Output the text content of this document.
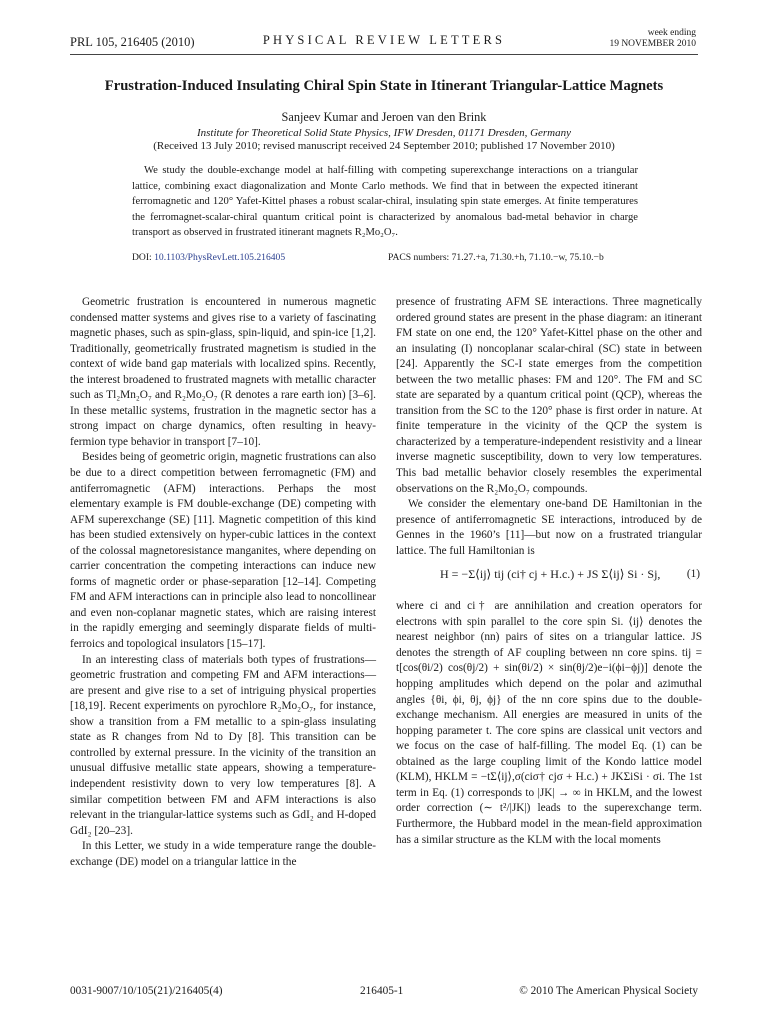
PRL 105, 216405 (2010)	PHYSICAL REVIEW LETTERS	week ending
19 NOVEMBER 2010
Frustration-Induced Insulating Chiral Spin State in Itinerant Triangular-Lattice Magnets
Sanjeev Kumar and Jeroen van den Brink
Institute for Theoretical Solid State Physics, IFW Dresden, 01171 Dresden, Germany
(Received 13 July 2010; revised manuscript received 24 September 2010; published 17 November 2010)
We study the double-exchange model at half-filling with competing superexchange interactions on a triangular lattice, combining exact diagonalization and Monte Carlo methods. We find that in between the expected itinerant ferromagnetic and 120° Yafet-Kittel phases a robust scalar-chiral, insulating spin state emerges. At finite temperatures the ferromagnet-scalar-chiral quantum critical point is characterized by anomalous bad-metal behavior in charge transport as observed in frustrated itinerant magnets R₂Mo₂O₇.
DOI: 10.1103/PhysRevLett.105.216405	PACS numbers: 71.27.+a, 71.30.+h, 71.10.−w, 75.10.−b

Geometric frustration is encountered in numerous magnetic condensed matter systems and gives rise to a variety of fascinating magnetic phases, such as spin-glass, spin-liquid, and spin-ice [1,2]. Traditionally, geometrically frustrated magnetism is studied in the context of wide band gap materials with localized spins. Recently, the interest broadened to frustrated magnets with metallic character such as Tl₂Mn₂O₇ and R₂Mo₂O₇ (R denotes a rare earth ion) [3–6]. In these metallic systems, frustration in the magnetic sector has a strong impact on charge dynamics, often resulting in heavy-fermion type behavior in transport [7–10].

Besides being of geometric origin, magnetic frustrations can also be due to a direct competition between ferromagnetic (FM) and antiferromagnetic (AFM) interactions. Perhaps the most elementary example is FM double-exchange (DE) competing with AFM superexchange (SE) [11]. Magnetic competition of this kind has been studied extensively on hyper-cubic lattices in the context of the colossal magnetoresistance manganites, where depending on carrier concentration the competing interactions can induce new forms of magnetic order or phase-separation [12–14]. Competing FM and AFM interactions can in principle also lead to noncollinear and even non-coplanar magnetic states, which are raising interest in the rapidly emerging and seemingly disparate fields of multi-ferroics and topological insulators [15–17].

In an interesting class of materials both types of frustrations—geometric frustration and competing FM and AFM interactions—are present and give rise to a set of intriguing physical properties [18,19]. Recent experiments on pyrochlore R₂Mo₂O₇, for instance, show a transition from a FM metallic to a spin-glass insulating state as R changes from Nd to Dy [8]. This transition can be controlled by external pressure. In the vicinity of the transition an unusual diffusive metallic state appears, showing a temperature-independent resistivity down to very low temperatures [8]. A similar competition between FM and AFM interactions is also relevant in the triangular-lattice systems such as GdI₂ and H-doped GdI₂ [20–23].

In this Letter, we study in a wide temperature range the double-exchange (DE) model on a triangular lattice in the

presence of frustrating AFM SE interactions. Three magnetically ordered ground states are present in the phase diagram: an itinerant FM state on one end, the 120° Yafet-Kittel phase on the other and an insulating (I) noncoplanar scalar-chiral (SC) state in between [24]. Apparently the SC-I state emerges from the competition between the two metallic phases: FM and 120°. The FM and SC state are separated by a quantum critical point (QCP), whereas the transition from the SC to the 120° phase is first order in nature. At finite temperature in the vicinity of the QCP the system is characterized by a temperature-independent resistivity and a linear inverse magnetic susceptibility, down to very low temperatures. This bad metallic behavior closely resembles the experimental observations on the R₂Mo₂O₇ compounds.

We consider the elementary one-band DE Hamiltonian in the presence of antiferromagnetic SE interactions, introduced by de Gennes in the 1960’s [11]—but now on a frustrated triangular lattice. The full Hamiltonian is

H = −Σ⟨ij⟩ tij (ci† cj + H.c.) + JS Σ⟨ij⟩ Si · Sj, (1)

where ci and ci† are annihilation and creation operators for electrons with spin parallel to the core spin Si. ⟨ij⟩ denotes the nearest neighbor (nn) pairs of sites on a triangular lattice. JS denotes the strength of AF coupling between nn core spins. tij = t[cos(θi/2) cos(θj/2) + sin(θi/2) × sin(θj/2)e−i(ϕi−ϕj)] denote the hopping amplitudes which depend on the polar and azimuthal angles {θi, ϕi, θj, ϕj} of the nn core spins due to the double-exchange mechanism. All energies are measured in units of the hopping parameter t. The core spins are classical unit vectors and we focus on the case of half-filling. The model Eq. (1) can be obtained as the large coupling limit of the Kondo lattice model (KLM), HKLM = −tΣ⟨ij⟩,σ(ciσ† cjσ + H.c.) + JKΣiSi · σi. The 1st term in Eq. (1) corresponds to |JK| → ∞ in HKLM, and the lowest order correction (∼ t²/|JK|) leads to the superexchange term. Furthermore, the Hubbard model in the mean-field approximation has a similar structure as the KLM with the local moments

0031-9007/10/105(21)/216405(4)	216405-1	© 2010 The American Physical Society
